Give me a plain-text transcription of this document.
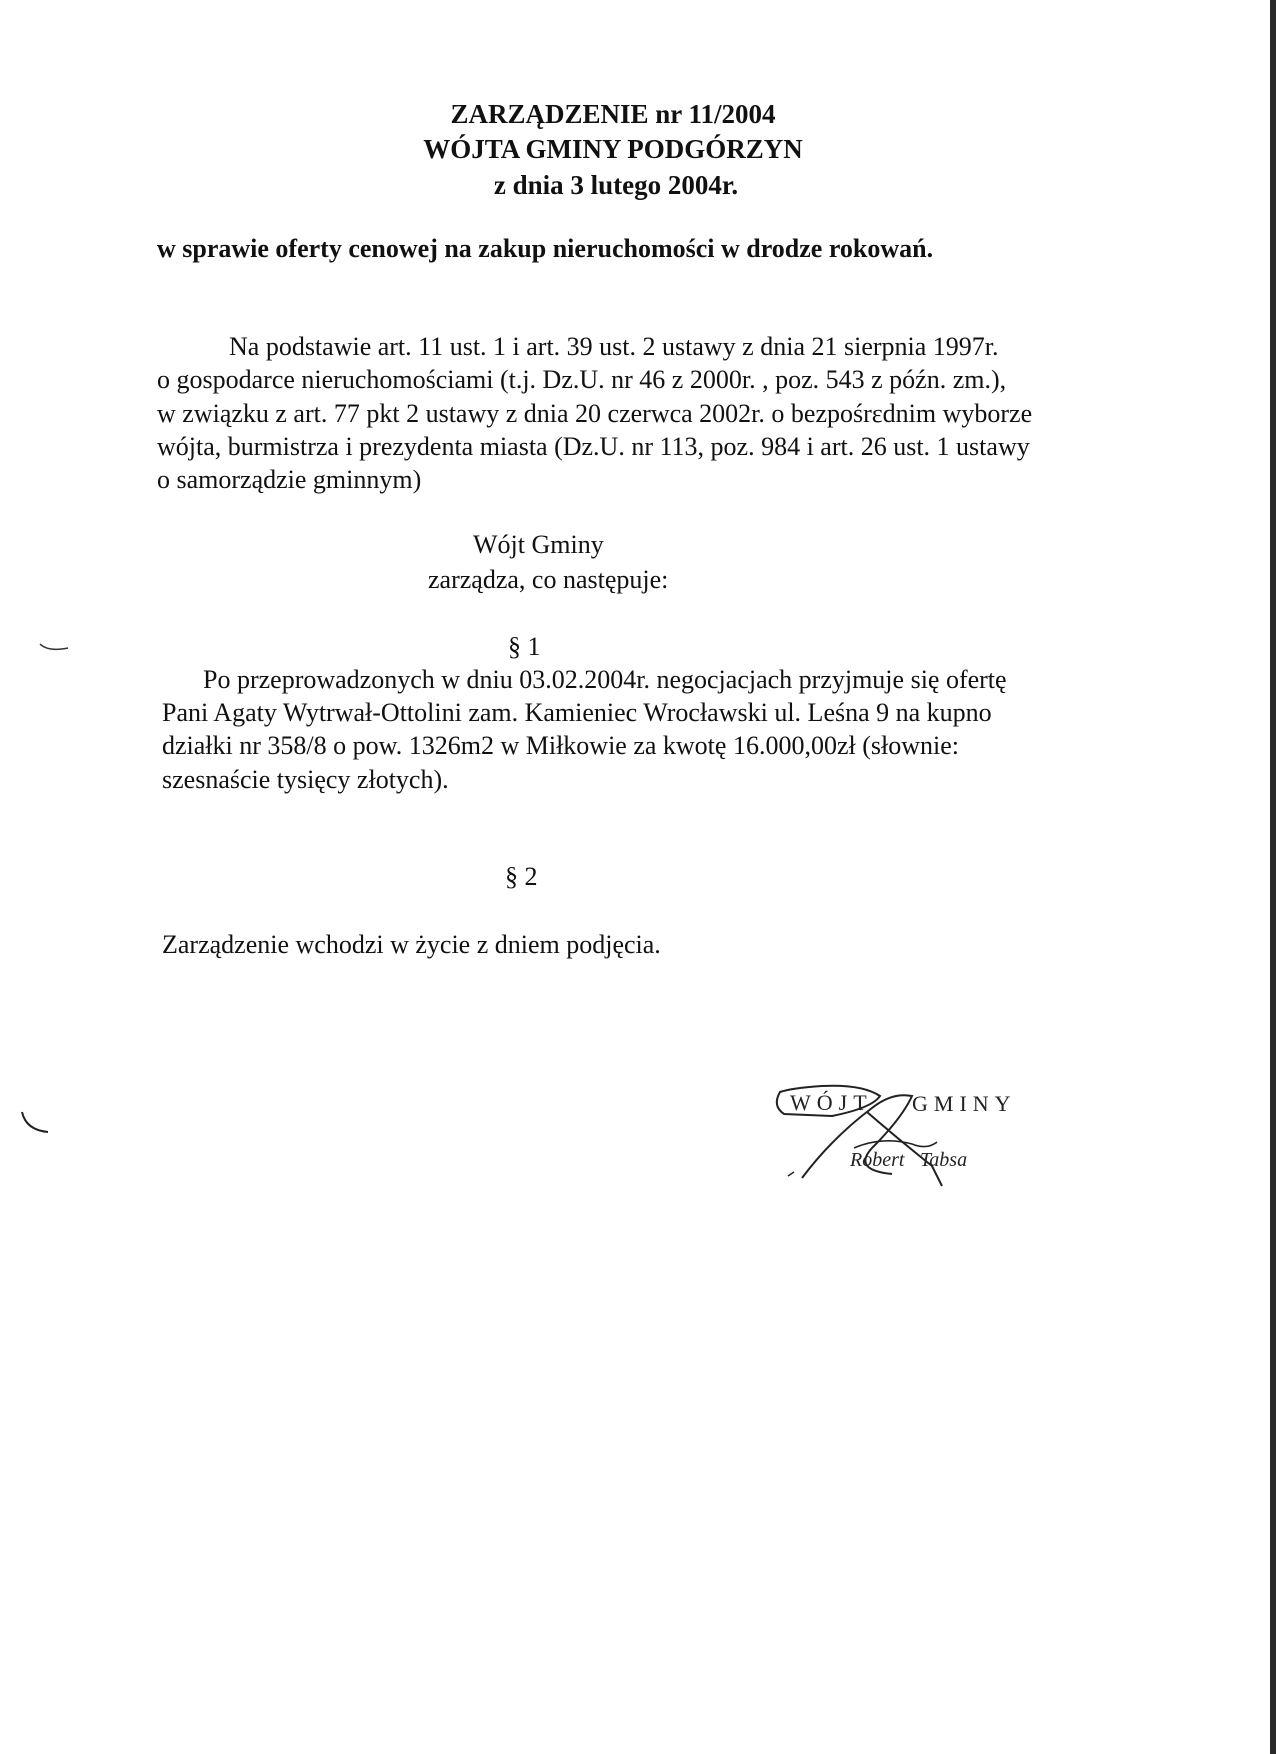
ZARZĄDZENIE nr 11/2004
WÓJTA GMINY PODGÓRZYN
z dnia 3 lutego 2004r.
w sprawie oferty cenowej na zakup nieruchomości w drodze rokowań.
Na podstawie art. 11 ust. 1 i art. 39 ust. 2 ustawy z dnia 21 sierpnia 1997r.
o gospodarce nieruchomościami (t.j. Dz.U. nr 46 z 2000r. , poz. 543 z późn. zm.),
w związku z art. 77 pkt 2 ustawy z dnia 20 czerwca 2002r. o bezpośrεdnim wyborze
wójta, burmistrza i prezydenta miasta (Dz.U. nr 113, poz. 984 i art. 26 ust. 1 ustawy
o samorządzie gminnym)
Wójt Gminy
zarządza, co następuje:
§ 1
Po przeprowadzonych w dniu 03.02.2004r. negocjacjach przyjmuje się ofertę
Pani Agaty Wytrwał-Ottolini zam. Kamieniec Wrocławski ul. Leśna 9 na kupno
działki nr 358/8 o pow. 1326m2 w Miłkowie za kwotę 16.000,00zł (słownie:
szesnaście tysięcy złotych).
§ 2
Zarządzenie wchodzi w życie z dniem podjęcia.
WÓJT GMINY
Robert Tabsa
